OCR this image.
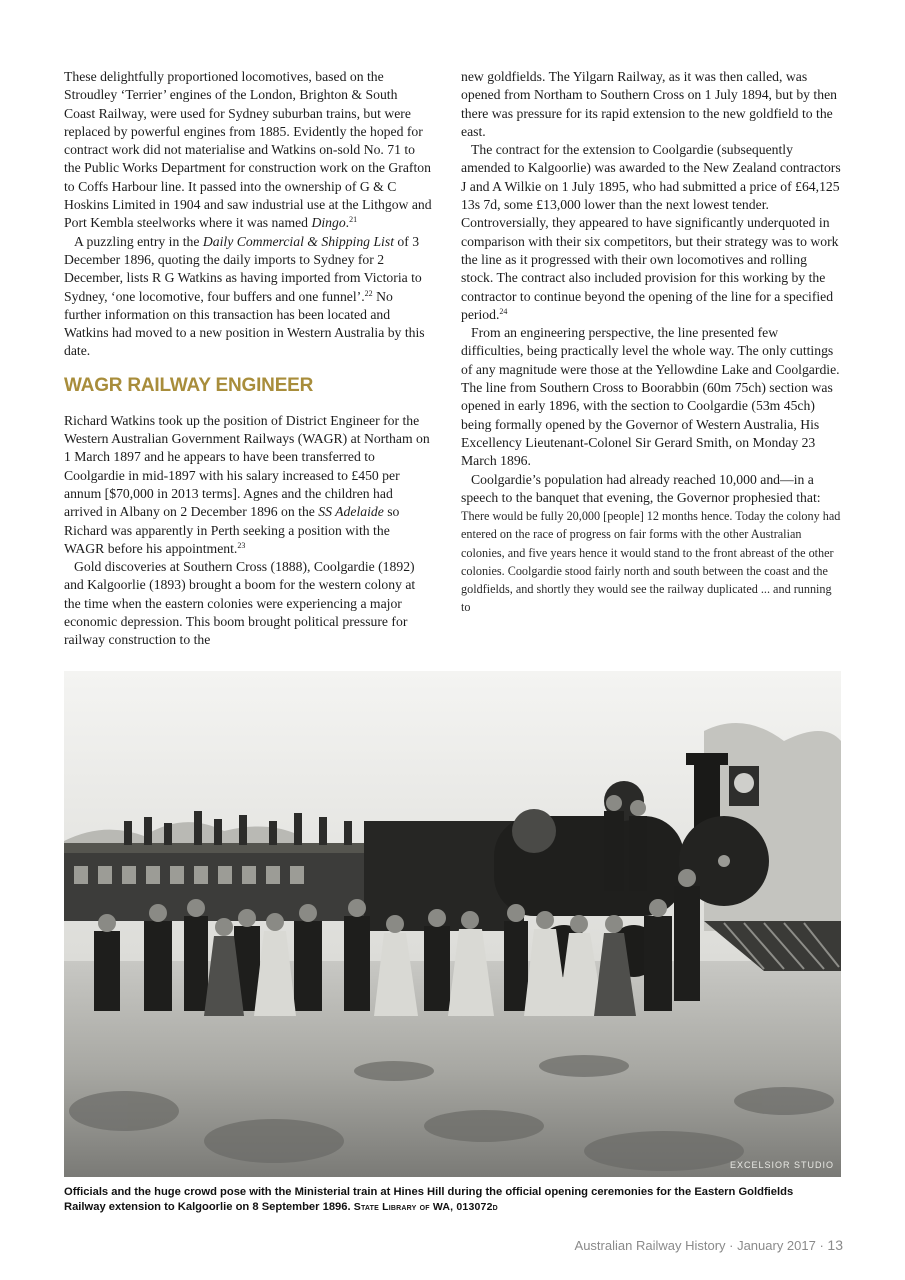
These delightfully proportioned locomotives, based on the Stroudley ‘Terrier’ engines of the London, Brighton & South Coast Railway, were used for Sydney suburban trains, but were replaced by powerful engines from 1885. Evidently the hoped for contract work did not materialise and Watkins on-sold No. 71 to the Public Works Department for construction work on the Grafton to Coffs Harbour line. It passed into the ownership of G & C Hoskins Limited in 1904 and saw industrial use at the Lithgow and Port Kembla steelworks where it was named Dingo.$^{21}$

A puzzling entry in the Daily Commercial & Shipping List of 3 December 1896, quoting the daily imports to Sydney for 2 December, lists R G Watkins as having imported from Victoria to Sydney, ‘one locomotive, four buffers and one funnel’.$^{22}$ No further information on this transaction has been located and Watkins had moved to a new position in Western Australia by this date.

WAGR RAILWAY ENGINEER

Richard Watkins took up the position of District Engineer for the Western Australian Government Railways (WAGR) at Northam on 1 March 1897 and he appears to have been transferred to Coolgardie in mid-1897 with his salary increased to £450 per annum [$70,000 in 2013 terms]. Agnes and the children had arrived in Albany on 2 December 1896 on the SS Adelaide so Richard was apparently in Perth seeking a position with the WAGR before his appointment.$^{23}$

Gold discoveries at Southern Cross (1888), Coolgardie (1892) and Kalgoorlie (1893) brought a boom for the western colony at the time when the eastern colonies were experiencing a major economic depression. This boom brought political pressure for railway construction to the

new goldfields. The Yilgarn Railway, as it was then called, was opened from Northam to Southern Cross on 1 July 1894, but by then there was pressure for its rapid extension to the new goldfield to the east.

The contract for the extension to Coolgardie (subsequently amended to Kalgoorlie) was awarded to the New Zealand contractors J and A Wilkie on 1 July 1895, who had submitted a price of £64,125 13s 7d, some £13,000 lower than the next lowest tender. Controversially, they appeared to have significantly underquoted in comparison with their six competitors, but their strategy was to work the line as it progressed with their own locomotives and rolling stock. The contract also included provision for this working by the contractor to continue beyond the opening of the line for a specified period.$^{24}$

From an engineering perspective, the line presented few difficulties, being practically level the whole way. The only cuttings of any magnitude were those at the Yellowdine Lake and Coolgardie. The line from Southern Cross to Boorabbin (60m 75ch) section was opened in early 1896, with the section to Coolgardie (53m 45ch) being formally opened by the Governor of Western Australia, His Excellency Lieutenant-Colonel Sir Gerard Smith, on Monday 23 March 1896.

Coolgardie’s population had already reached 10,000 and—in a speech to the banquet that evening, the Governor prophesied that:

There would be fully 20,000 [people] 12 months hence. Today the colony had entered on the race of progress on fair forms with the other Australian colonies, and five years hence it would stand to the front abreast of the other colonies. Coolgardie stood fairly north and south between the coast and the goldfields, and shortly they would see the railway duplicated ... and running to

EXCELSIOR STUDIO
Officials and the huge crowd pose with the Ministerial train at Hines Hill during the official opening ceremonies for the Eastern Goldfields Railway extension to Kalgoorlie on 8 September 1896. State Library of WA, 013072d
Australian Railway History · January 2017 · 13
